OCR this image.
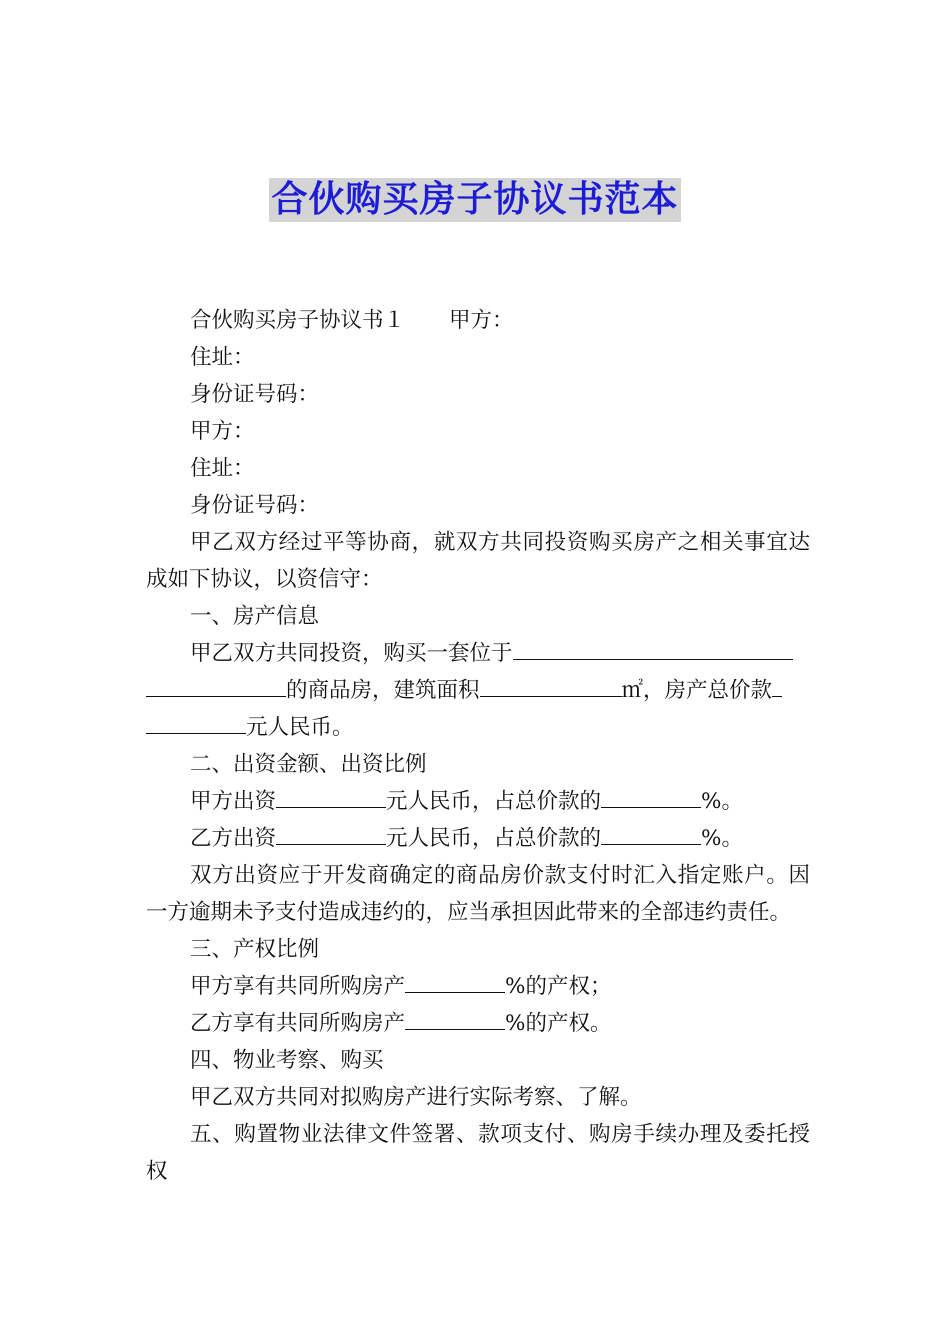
合伙购买房子协议书范本

合伙购买房子协议书１ 甲方：

住址：

身份证号码：

甲方：

住址：

身份证号码：

甲乙双方经过平等协商，就双方共同投资购买房产之相关事宜达成如下协议，以资信守：

一、房产信息

甲乙双方共同投资，购买一套位于

的商品房，建筑面积	㎡，房产总价款

元人民币。

二、出资金额、出资比例

甲方出资	元人民币，占总价款的	%。

乙方出资	元人民币，占总价款的	%。

双方出资应于开发商确定的商品房价款支付时汇入指定账户。因一方逾期未予支付造成违约的，应当承担因此带来的全部违约责任。

三、产权比例

甲方享有共同所购房产	%的产权；

乙方享有共同所购房产	%的产权。

四、物业考察、购买

甲乙双方共同对拟购房产进行实际考察、了解。

五、购置物业法律文件签署、款项支付、购房手续办理及委托授权
